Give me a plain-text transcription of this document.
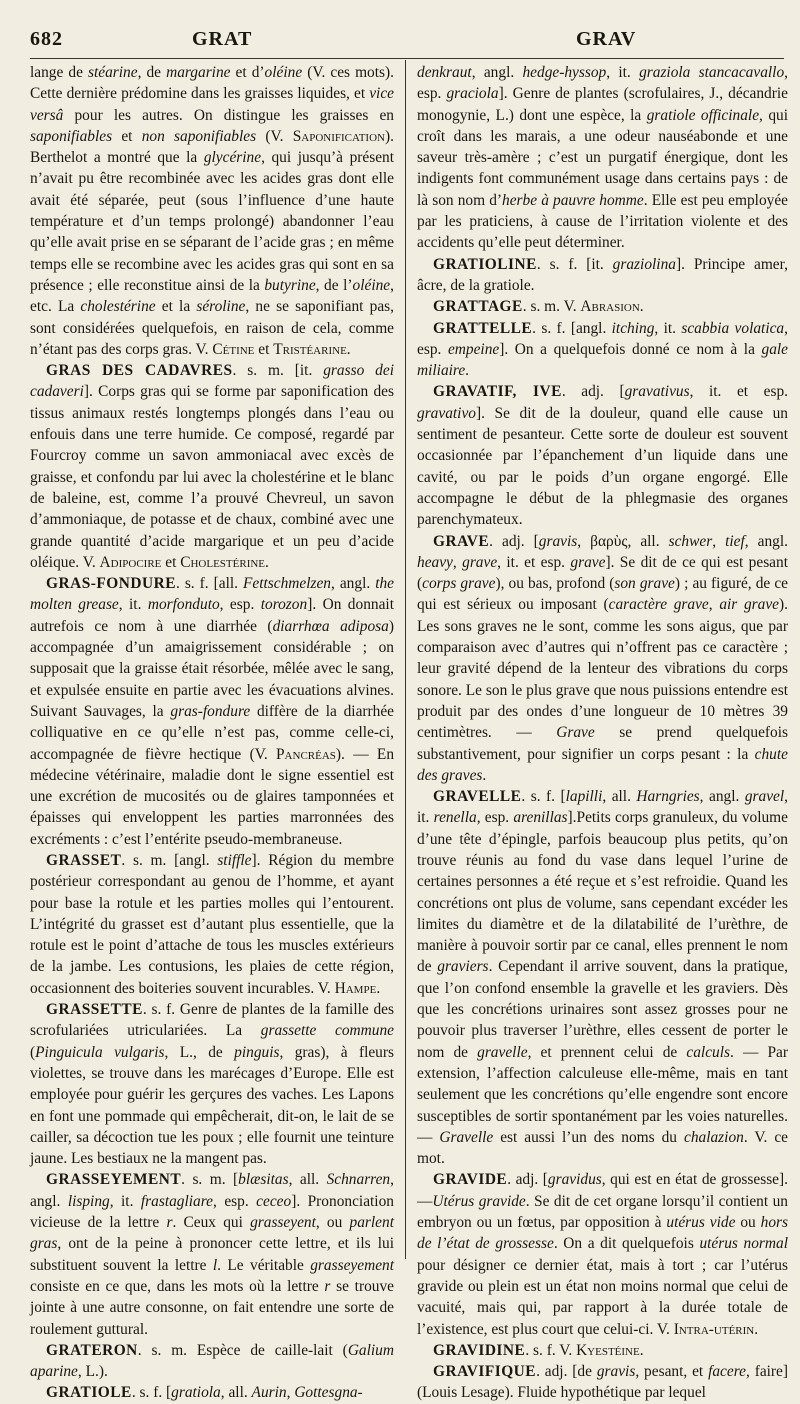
682	GRAT	GRAV

lange de stéarine, de margarine et d’oléine (V. ces mots). Cette dernière prédomine dans les graisses liquides, et vice versâ pour les autres. On distingue les graisses en saponifiables et non saponifiables (V. Saponification). Berthelot a montré que la glycérine, qui jusqu’à présent n’avait pu être recombinée avec les acides gras dont elle avait été séparée, peut (sous l’influence d’une haute température et d’un temps prolongé) abandonner l’eau qu’elle avait prise en se séparant de l’acide gras ; en même temps elle se recombine avec les acides gras qui sont en sa présence ; elle reconstitue ainsi de la butyrine, de l’oléine, etc. La cholestérine et la séroline, ne se saponifiant pas, sont considérées quelquefois, en raison de cela, comme n’étant pas des corps gras. V. Cétine et Tristéarine.

GRAS DES CADAVRES. s. m. [it. grasso dei cadaveri]. Corps gras qui se forme par saponification des tissus animaux restés longtemps plongés dans l’eau ou enfouis dans une terre humide. Ce composé, regardé par Fourcroy comme un savon ammoniacal avec excès de graisse, et confondu par lui avec la cholestérine et le blanc de baleine, est, comme l’a prouvé Chevreul, un savon d’ammoniaque, de potasse et de chaux, combiné avec une grande quantité d’acide margarique et un peu d’acide oléique. V. Adipocire et Cholestérine.

GRAS-FONDURE. s. f. [all. Fettschmelzen, angl. the molten grease, it. morfonduto, esp. torozon]. On donnait autrefois ce nom à une diarrhée (diarrhœa adiposa) accompagnée d’un amaigrissement considérable ; on supposait que la graisse était résorbée, mêlée avec le sang, et expulsée ensuite en partie avec les évacuations alvines. Suivant Sauvages, la gras-fondure diffère de la diarrhée colliquative en ce qu’elle n’est pas, comme celle-ci, accompagnée de fièvre hectique (V. Pancréas). — En médecine vétérinaire, maladie dont le signe essentiel est une excrétion de mucosités ou de glaires tamponnées et épaisses qui enveloppent les parties marronnées des excréments : c’est l’entérite pseudo-membraneuse.

GRASSET. s. m. [angl. stiffle]. Région du membre postérieur correspondant au genou de l’homme, et ayant pour base la rotule et les parties molles qui l’entourent. L’intégrité du grasset est d’autant plus essentielle, que la rotule est le point d’attache de tous les muscles extérieurs de la jambe. Les contusions, les plaies de cette région, occasionnent des boiteries souvent incurables. V. Hampe.

GRASSETTE. s. f. Genre de plantes de la famille des scrofulariées utriculariées. La grassette commune (Pinguicula vulgaris, L., de pinguis, gras), à fleurs violettes, se trouve dans les marécages d’Europe. Elle est employée pour guérir les gerçures des vaches. Les Lapons en font une pommade qui empêcherait, dit-on, le lait de se cailler, sa décoction tue les poux ; elle fournit une teinture jaune. Les bestiaux ne la mangent pas.

GRASSEYEMENT. s. m. [blæsitas, all. Schnarren, angl. lisping, it. frastagliare, esp. ceceo]. Prononciation vicieuse de la lettre r. Ceux qui grasseyent, ou parlent gras, ont de la peine à prononcer cette lettre, et ils lui substituent souvent la lettre l. Le véritable grasseyement consiste en ce que, dans les mots où la lettre r se trouve jointe à une autre consonne, on fait entendre une sorte de roulement guttural.

GRATERON. s. m. Espèce de caille-lait (Galium aparine, L.).

GRATIOLE. s. f. [gratiola, all. Aurin, Gottesgna-

denkraut, angl. hedge-hyssop, it. graziola stancacavallo, esp. graciola]. Genre de plantes (scrofulaires, J., décandrie monogynie, L.) dont une espèce, la gratiole officinale, qui croît dans les marais, a une odeur nauséabonde et une saveur très-amère ; c’est un purgatif énergique, dont les indigents font communément usage dans certains pays : de là son nom d’herbe à pauvre homme. Elle est peu employée par les praticiens, à cause de l’irritation violente et des accidents qu’elle peut déterminer.

GRATIOLINE. s. f. [it. graziolina]. Principe amer, âcre, de la gratiole.

GRATTAGE. s. m. V. Abrasion.

GRATTELLE. s. f. [angl. itching, it. scabbia volatica, esp. empeine]. On a quelquefois donné ce nom à la gale miliaire.

GRAVATIF, IVE. adj. [gravativus, it. et esp. gravativo]. Se dit de la douleur, quand elle cause un sentiment de pesanteur. Cette sorte de douleur est souvent occasionnée par l’épanchement d’un liquide dans une cavité, ou par le poids d’un organe engorgé. Elle accompagne le début de la phlegmasie des organes parenchymateux.

GRAVE. adj. [gravis, βαρὺς, all. schwer, tief, angl. heavy, grave, it. et esp. grave]. Se dit de ce qui est pesant (corps grave), ou bas, profond (son grave) ; au figuré, de ce qui est sérieux ou imposant (caractère grave, air grave). Les sons graves ne le sont, comme les sons aigus, que par comparaison avec d’autres qui n’offrent pas ce caractère ; leur gravité dépend de la lenteur des vibrations du corps sonore. Le son le plus grave que nous puissions entendre est produit par des ondes d’une longueur de 10 mètres 39 centimètres. — Grave se prend quelquefois substantivement, pour signifier un corps pesant : la chute des graves.

GRAVELLE. s. f. [lapilli, all. Harngries, angl. gravel, it. renella, esp. arenillas].Petits corps granuleux, du volume d’une tête d’épingle, parfois beaucoup plus petits, qu’on trouve réunis au fond du vase dans lequel l’urine de certaines personnes a été reçue et s’est refroidie. Quand les concrétions ont plus de volume, sans cependant excéder les limites du diamètre et de la dilatabilité de l’urèthre, de manière à pouvoir sortir par ce canal, elles prennent le nom de graviers. Cependant il arrive souvent, dans la pratique, que l’on confond ensemble la gravelle et les graviers. Dès que les concrétions urinaires sont assez grosses pour ne pouvoir plus traverser l’urèthre, elles cessent de porter le nom de gravelle, et prennent celui de calculs. — Par extension, l’affection calculeuse elle-même, mais en tant seulement que les concrétions qu’elle engendre sont encore susceptibles de sortir spontanément par les voies naturelles. — Gravelle est aussi l’un des noms du chalazion. V. ce mot.

GRAVIDE. adj. [gravidus, qui est en état de grossesse]. —Utérus gravide. Se dit de cet organe lorsqu’il contient un embryon ou un fœtus, par opposition à utérus vide ou hors de l’état de grossesse. On a dit quelquefois utérus normal pour désigner ce dernier état, mais à tort ; car l’utérus gravide ou plein est un état non moins normal que celui de vacuité, mais qui, par rapport à la durée totale de l’existence, est plus court que celui-ci. V. Intra-utérin.

GRAVIDINE. s. f. V. Kyestéine.

GRAVIFIQUE. adj. [de gravis, pesant, et facere, faire] (Louis Lesage). Fluide hypothétique par lequel
